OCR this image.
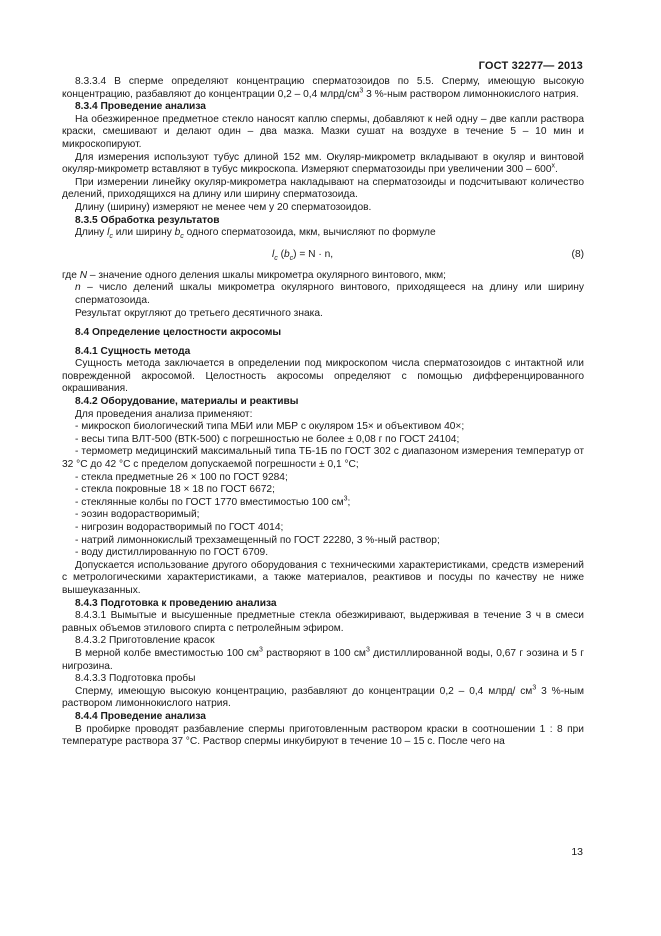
ГОСТ 32277— 2013

8.3.3.4 В сперме определяют концентрацию сперматозоидов по 5.5. Сперму, имеющую высокую концентрацию, разбавляют до концентрации 0,2 – 0,4 млрд/$см^3$ 3 %-ным раствором лимоннокислого натрия.

8.3.4 Проведение анализа

На обезжиренное предметное стекло наносят каплю спермы, добавляют к ней одну – две капли раствора краски, смешивают и делают один – два мазка. Мазки сушат на воздухе в течение 5 – 10 мин и микроскопируют.

Для измерения используют тубус длиной 152 мм. Окуляр-микрометр вкладывают в окуляр и винтовой окуляр-микрометр вставляют в тубус микроскопа. Измеряют сперматозоиды при увеличении $300 - 600^х$.

При измерении линейку окуляр-микрометра накладывают на сперматозоиды и подсчитывают количество делений, приходящихся на длину или ширину сперматозоида.

Длину (ширину) измеряют не менее чем у 20 сперматозоидов.

8.3.5 Обработка результатов

Длину $l_c$ или ширину $b_c$ одного сперматозоида, мкм, вычисляют по формуле

$l_c$ $(b_c) = N \cdot n$,	(8)

где N – значение одного деления шкалы микрометра окулярного винтового, мкм;

n – число делений шкалы микрометра окулярного винтового, приходящееся на длину или ширину сперматозоида.

Результат округляют до третьего десятичного знака.

8.4 Определение целостности акросомы

8.4.1 Сущность метода

Сущность метода заключается в определении под микроскопом числа сперматозоидов с интактной или поврежденной акросомой. Целостность акросомы определяют с помощью дифференцированного окрашивания.

8.4.2 Оборудование, материалы и реактивы

Для проведения анализа применяют:

- микроскоп биологический типа МБИ или МБР с окуляром 15× и объективом 40×;

- весы типа ВЛТ-500 (ВТК-500) с погрешностью не более ± 0,08 г по ГОСТ 24104;

- термометр медицинский максимальный типа ТБ-1Б по ГОСТ 302 с диапазоном измерения температур от 32 °С до 42 °С с пределом допускаемой погрешности ± 0,1 °С;

- стекла предметные 26 × 100 по ГОСТ 9284;

- стекла покровные 18 × 18 по ГОСТ 6672;

- стеклянные колбы по ГОСТ 1770 вместимостью 100 $см^3$;

- эозин водорастворимый;

- нигрозин водорастворимый по ГОСТ 4014;

- натрий лимоннокислый трехзамещенный по ГОСТ 22280, 3 %-ный раствор;

- воду дистиллированную по ГОСТ 6709.

Допускается использование другого оборудования с техническими характеристиками, средств измерений с метрологическими характеристиками, а также материалов, реактивов и посуды по качеству не ниже вышеуказанных.

8.4.3 Подготовка к проведению анализа

8.4.3.1 Вымытые и высушенные предметные стекла обезжиривают, выдерживая в течение 3 ч в смеси равных объемов этилового спирта с петролейным эфиром.

8.4.3.2 Приготовление красок

В мерной колбе вместимостью 100 $см^3$ растворяют в 100 $см^3$ дистиллированной воды, 0,67 г эозина и 5 г нигрозина.

8.4.3.3 Подготовка пробы

Сперму, имеющую высокую концентрацию, разбавляют до концентрации 0,2 – 0,4 млрд/ $см^3$ 3 %-ным раствором лимоннокислого натрия.

8.4.4 Проведение анализа

В пробирке проводят разбавление спермы приготовленным раствором краски в соотношении 1 : 8 при температуре раствора 37 °С. Раствор спермы инкубируют в течение 10 – 15 с. После чего на

13
